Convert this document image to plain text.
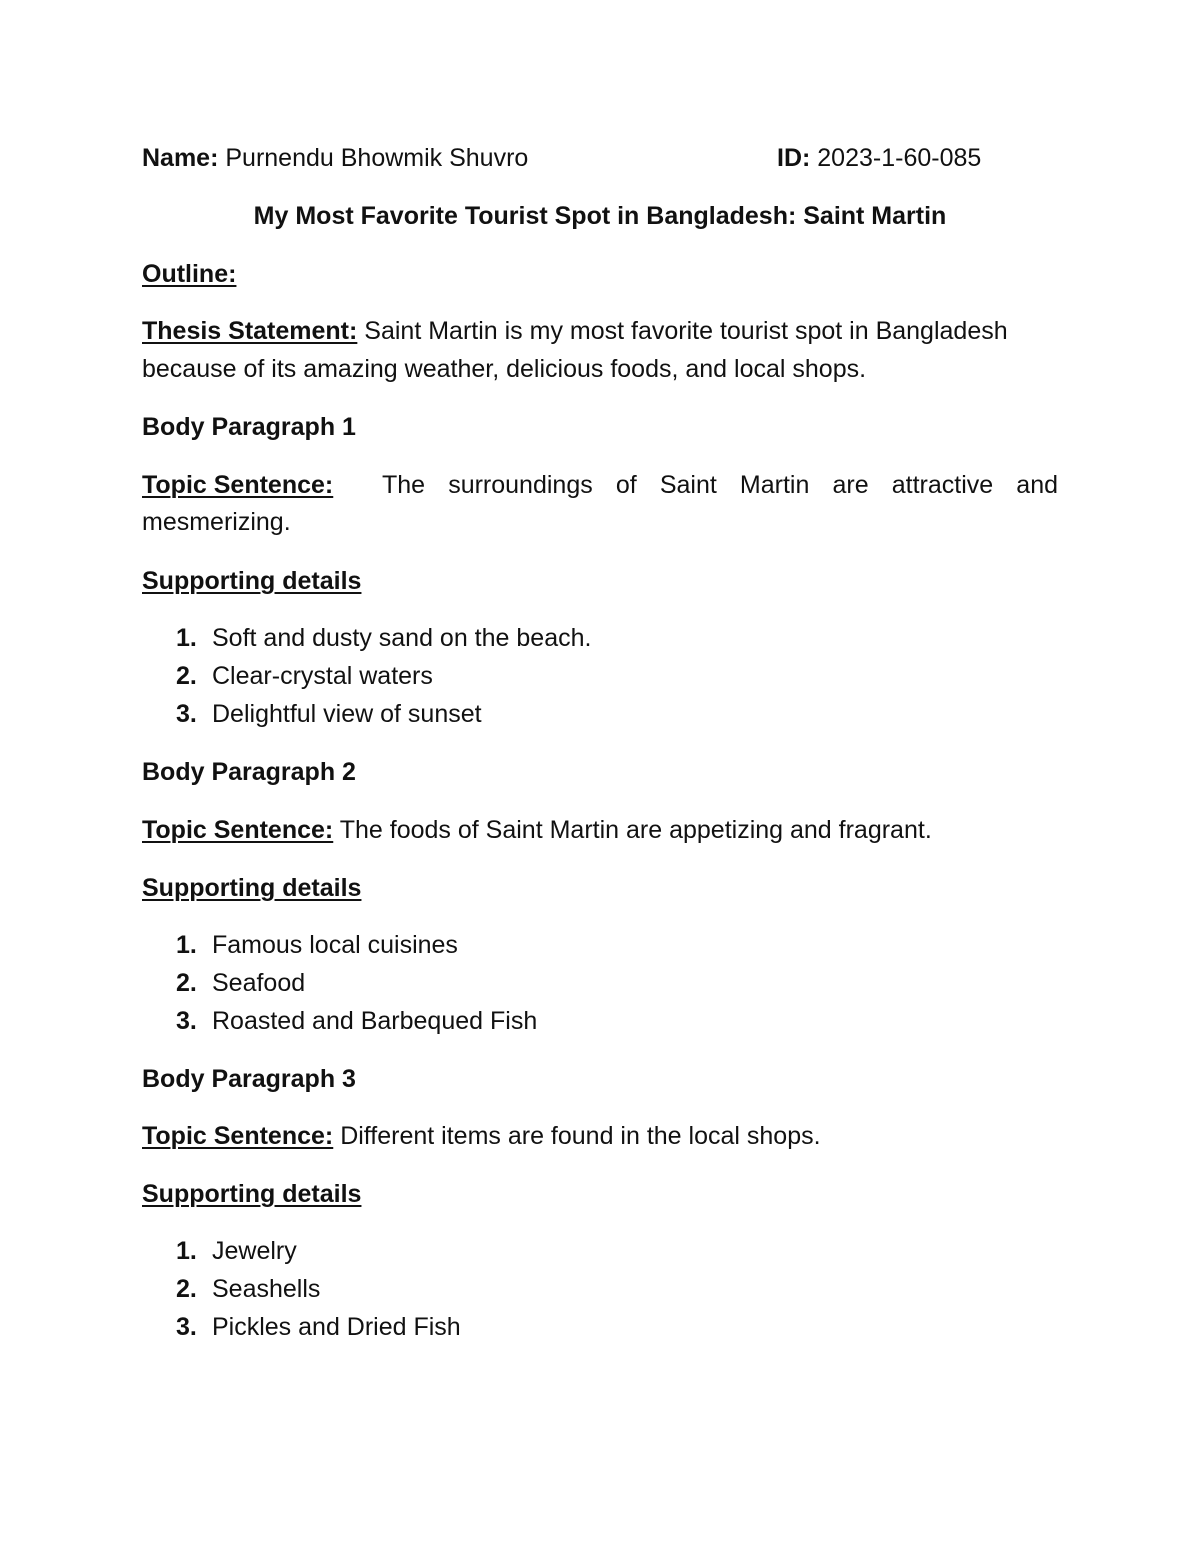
Name: Purnendu Bhowmik Shuvro	ID: 2023-1-60-085
My Most Favorite Tourist Spot in Bangladesh: Saint Martin
Outline:
Thesis Statement: Saint Martin is my most favorite tourist spot in Bangladesh
because of its amazing weather, delicious foods, and local shops.
Body Paragraph 1
Topic Sentence: The surroundings of Saint Martin are attractive and
mesmerizing.
Supporting details
1. Soft and dusty sand on the beach.
2. Clear-crystal waters
3. Delightful view of sunset
Body Paragraph 2
Topic Sentence: The foods of Saint Martin are appetizing and fragrant.
Supporting details
1. Famous local cuisines
2. Seafood
3. Roasted and Barbequed Fish
Body Paragraph 3
Topic Sentence: Different items are found in the local shops.
Supporting details
1. Jewelry
2. Seashells
3. Pickles and Dried Fish
